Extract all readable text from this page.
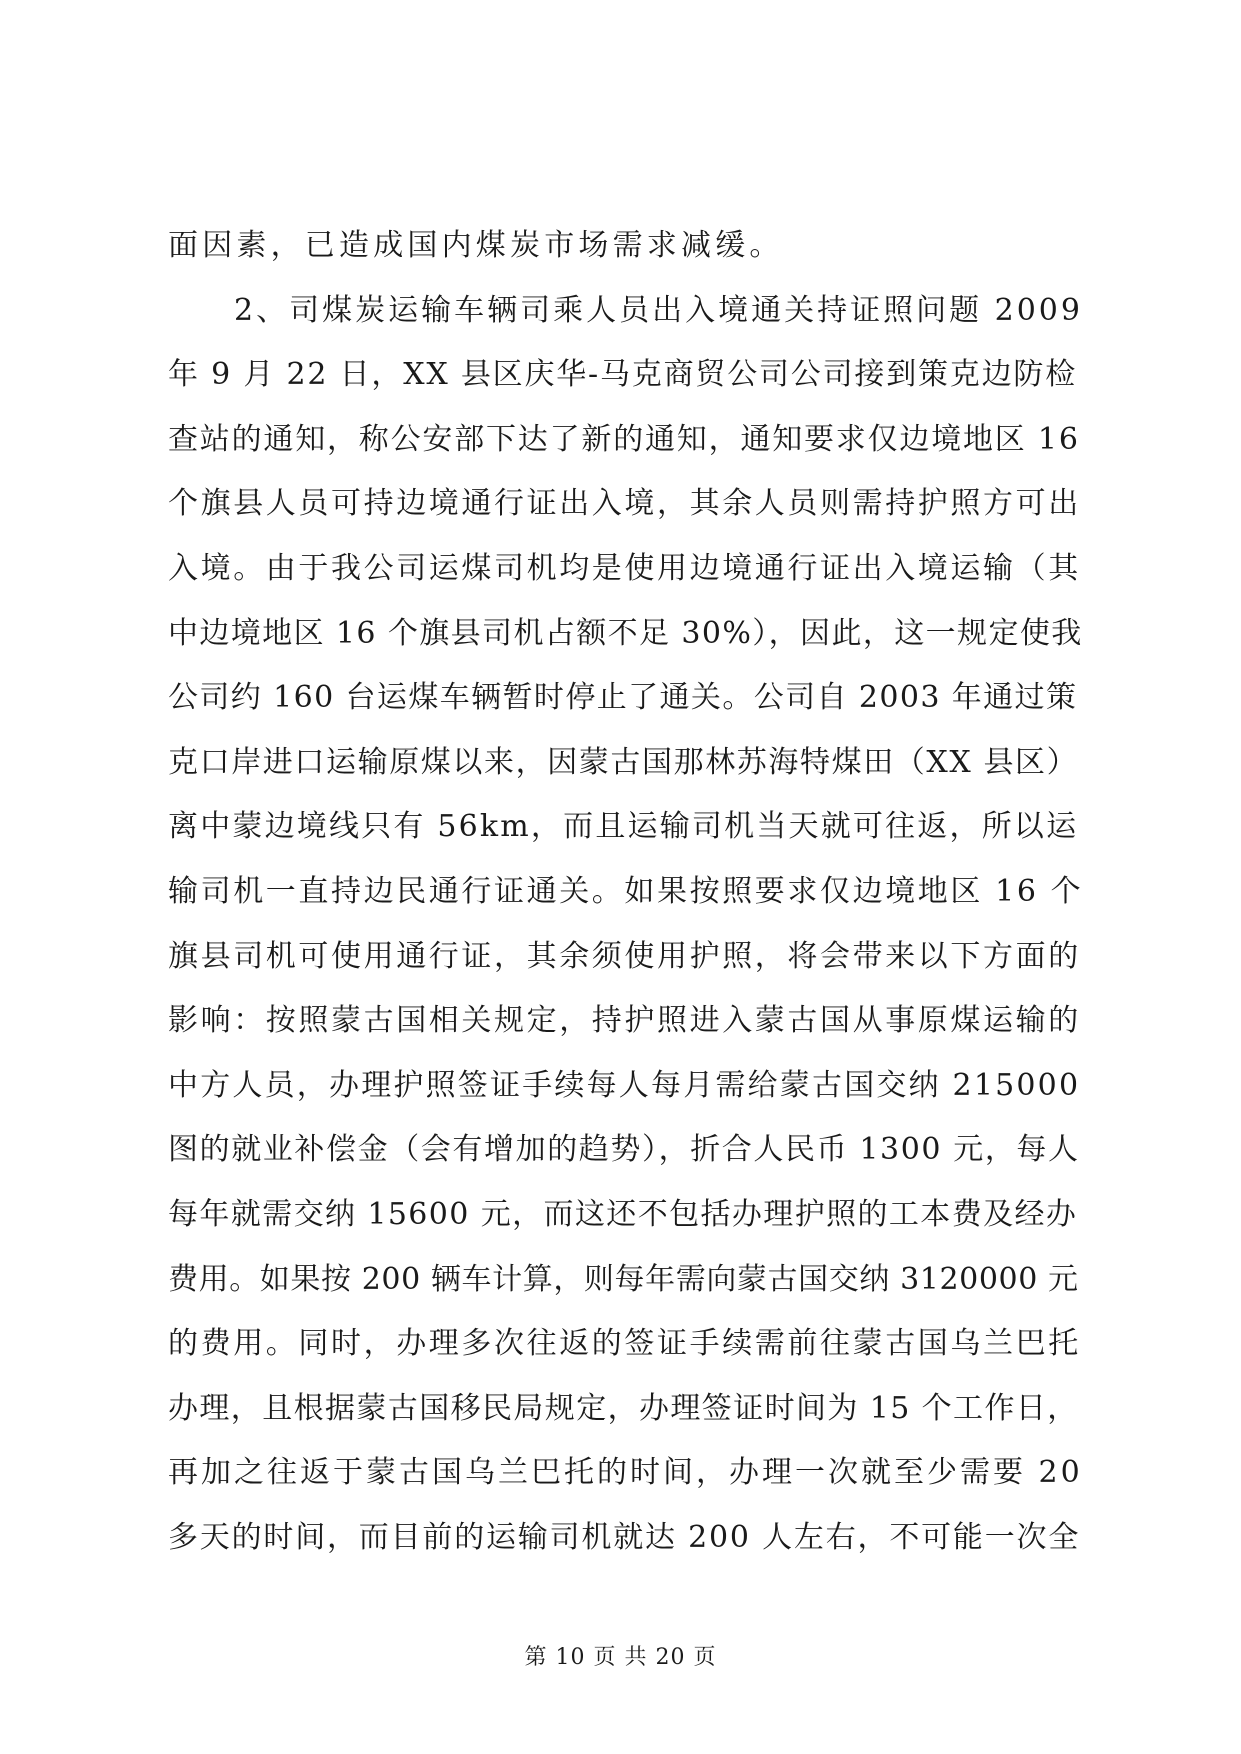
面因素，已造成国内煤炭市场需求减缓。
　　2、司煤炭运输车辆司乘人员出入境通关持证照问题 2009
年 9 月 22 日，XX 县区庆华-马克商贸公司公司接到策克边防检
查站的通知，称公安部下达了新的通知，通知要求仅边境地区 16
个旗县人员可持边境通行证出入境，其余人员则需持护照方可出
入境。由于我公司运煤司机均是使用边境通行证出入境运输（其
中边境地区 16 个旗县司机占额不足 30%），因此，这一规定使我
公司约 160 台运煤车辆暂时停止了通关。公司自 2003 年通过策
克口岸进口运输原煤以来，因蒙古国那林苏海特煤田（XX 县区）
离中蒙边境线只有 56km，而且运输司机当天就可往返，所以运
输司机一直持边民通行证通关。如果按照要求仅边境地区 16 个
旗县司机可使用通行证，其余须使用护照，将会带来以下方面的
影响：按照蒙古国相关规定，持护照进入蒙古国从事原煤运输的
中方人员，办理护照签证手续每人每月需给蒙古国交纳 215000
图的就业补偿金（会有增加的趋势），折合人民币 1300 元，每人
每年就需交纳 15600 元，而这还不包括办理护照的工本费及经办
费用。如果按 200 辆车计算，则每年需向蒙古国交纳 3120000 元
的费用。同时，办理多次往返的签证手续需前往蒙古国乌兰巴托
办理，且根据蒙古国移民局规定，办理签证时间为 15 个工作日，
再加之往返于蒙古国乌兰巴托的时间，办理一次就至少需要 20
多天的时间，而目前的运输司机就达 200 人左右，不可能一次全
第 10 页 共 20 页
